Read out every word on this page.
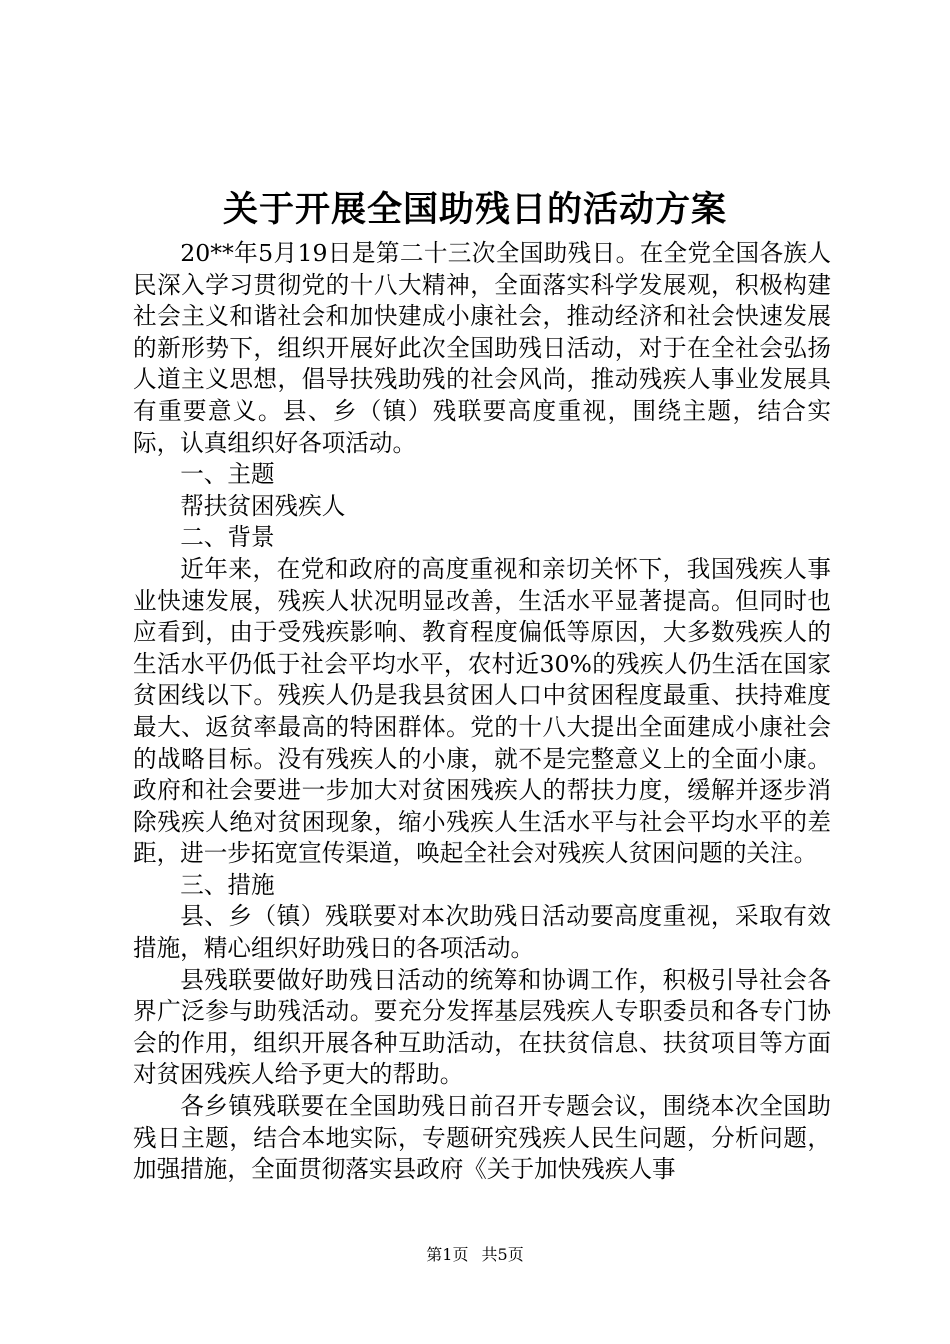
关于开展全国助残日的活动方案

20**年5月19日是第二十三次全国助残日。在全党全国各族人民深入学习贯彻党的十八大精神，全面落实科学发展观，积极构建社会主义和谐社会和加快建成小康社会，推动经济和社会快速发展的新形势下，组织开展好此次全国助残日活动，对于在全社会弘扬人道主义思想，倡导扶残助残的社会风尚，推动残疾人事业发展具有重要意义。县、乡（镇）残联要高度重视，围绕主题，结合实际，认真组织好各项活动。

一、主题

帮扶贫困残疾人

二、背景

近年来，在党和政府的高度重视和亲切关怀下，我国残疾人事业快速发展，残疾人状况明显改善，生活水平显著提高。但同时也应看到，由于受残疾影响、教育程度偏低等原因，大多数残疾人的生活水平仍低于社会平均水平，农村近30%的残疾人仍生活在国家贫困线以下。残疾人仍是我县贫困人口中贫困程度最重、扶持难度最大、返贫率最高的特困群体。党的十八大提出全面建成小康社会的战略目标。没有残疾人的小康，就不是完整意义上的全面小康。政府和社会要进一步加大对贫困残疾人的帮扶力度，缓解并逐步消除残疾人绝对贫困现象，缩小残疾人生活水平与社会平均水平的差距，进一步拓宽宣传渠道，唤起全社会对残疾人贫困问题的关注。

三、措施

县、乡（镇）残联要对本次助残日活动要高度重视，采取有效措施，精心组织好助残日的各项活动。

县残联要做好助残日活动的统筹和协调工作，积极引导社会各界广泛参与助残活动。要充分发挥基层残疾人专职委员和各专门协会的作用，组织开展各种互助活动，在扶贫信息、扶贫项目等方面对贫困残疾人给予更大的帮助。

各乡镇残联要在全国助残日前召开专题会议，围绕本次全国助残日主题，结合本地实际，专题研究残疾人民生问题，分析问题，加强措施，全面贯彻落实县政府《关于加快残疾人事

第1页 共5页
